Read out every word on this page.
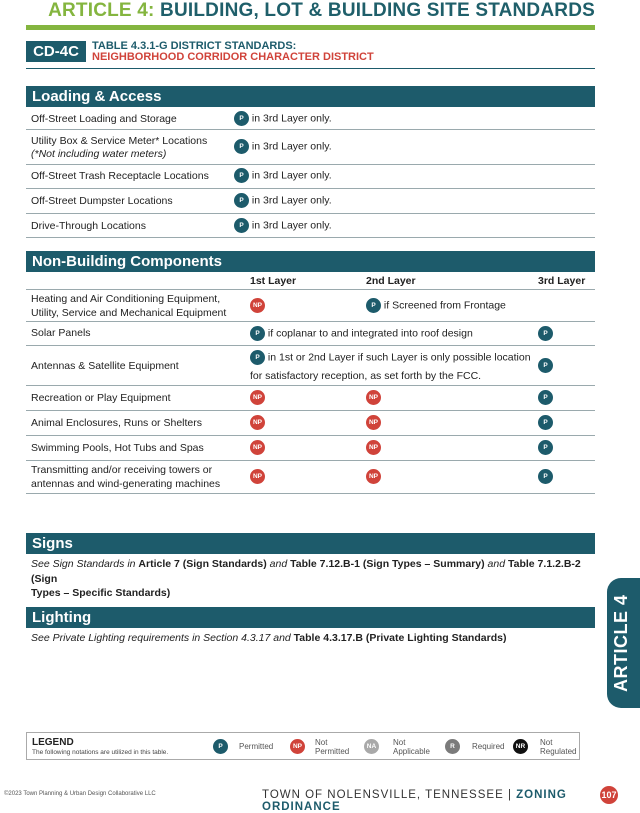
ARTICLE 4: BUILDING, LOT & BUILDING SITE STANDARDS
CD-4C	TABLE 4.3.1-G DISTRICT STANDARDS:
NEIGHBORHOOD CORRIDOR CHARACTER DISTRICT
Loading & Access
Off-Street Loading and Storage	P in 3rd Layer only.
Utility Box & Service Meter* Locations
(*Not including water meters)
P in 3rd Layer only.
Off-Street Trash Receptacle Locations	P in 3rd Layer only.
Off-Street Dumpster Locations	P in 3rd Layer only.
Drive-Through Locations	P in 3rd Layer only.
Non-Building Components
1st Layer	2nd Layer	3rd Layer
Heating and Air Conditioning Equipment,
Utility, Service and Mechanical Equipment
NP	P if Screened from Frontage
Solar Panels	P if coplanar to and integrated into roof design	P
Antennas & Satellite Equipment
P in 1st or 2nd Layer if such Layer is only possible location
for satisfactory reception, as set forth by the FCC.
P
Recreation or Play Equipment	NP	NP	P
Animal Enclosures, Runs or Shelters	NP	NP	P
Swimming Pools, Hot Tubs and Spas	NP	NP	P
Transmitting and/or receiving towers or
antennas and wind-generating machines
NP	NP	P
Signs
See Sign Standards in Article 7 (Sign Standards) and Table 7.12.B-1 (Sign Types – Summary) and Table 7.1.2.B-2 (Sign
Types – Specific Standards)
Lighting
See Private Lighting requirements in Section 4.3.17 and Table 4.3.17.B (Private Lighting Standards)	ARTICLE 4
LEGEND
The following notations are utilized in this table.
P	Permitted	NP	Not
Permitted
NA	Not
Applicable
R	Required	NR	Not
Regulated
©2023 Town Planning & Urban Design Collaborative LLC	TOWN OF NOLENSVILLE, TENNESSEE | ZONING ORDINANCE
107
